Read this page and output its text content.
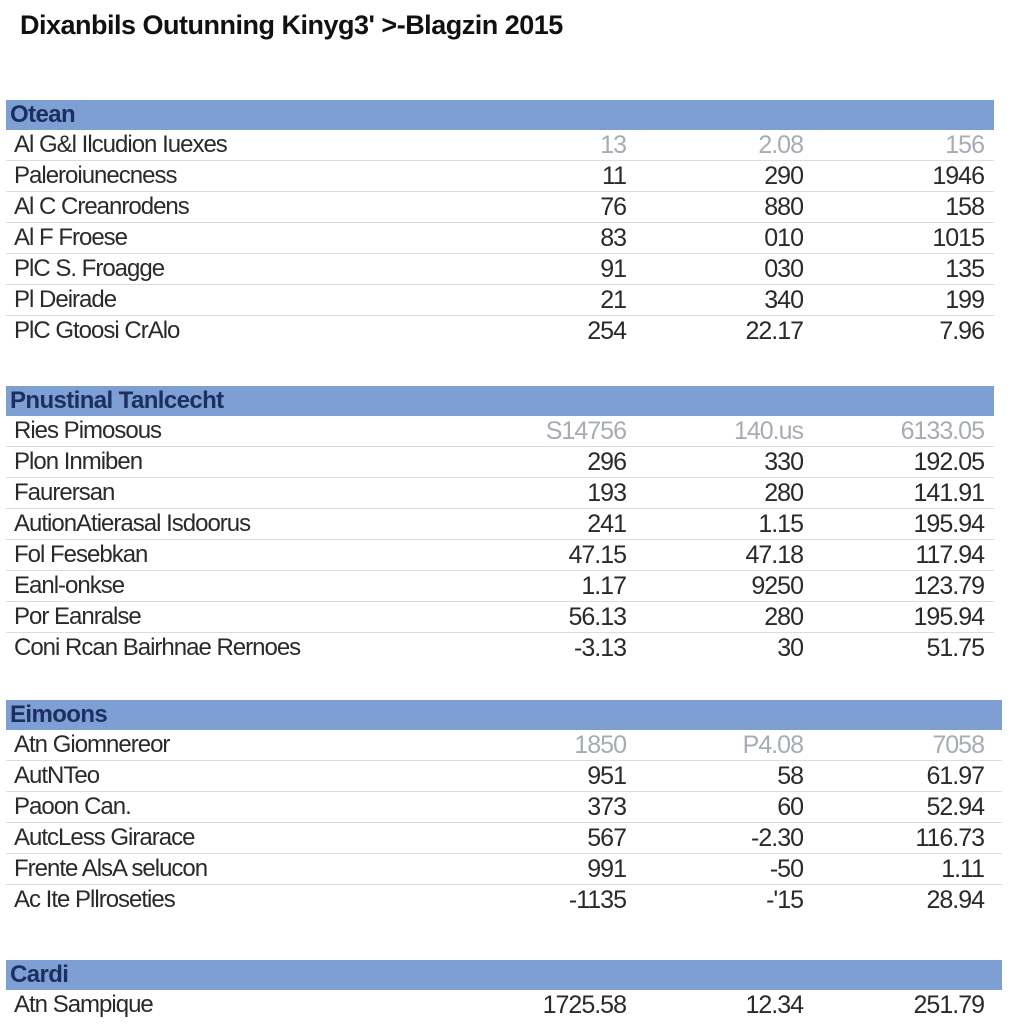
Dixanbils Outunning Kinyg3' >-Blagzin 2015
Otean
Al G&l Ilcudion Iuexes	13	2.08	156
Paleroiunecness	11	290	1946
Al C Creanrodens	76	880	158
Al F Froese	83	010	1015
PlC S. Froagge	91	030	135
Pl Deirade	21	340	199
PlC Gtoosi CrAlo	254	22.17	7.96
Pnustinal Tanlcecht
Ries Pimosous	S14756	140.us	6133.05
Plon Inmiben	296	330	192.05
Faurersan	193	280	141.91
AutionAtierasal Isdoorus	241	1.15	195.94
Fol Fesebkan	47.15	47.18	117.94
Eanl-onkse	1.17	9250	123.79
Por Eanralse	56.13	280	195.94
Coni Rcan Bairhnae Rernoes	-3.13	30	51.75
Eimoons
Atn Giomnereor	1850	P4.08	7058
AutNTeo	951	58	61.97
Paoon Can.	373	60	52.94
AutcLess Girarace	567	-2.30	116.73
Frente AlsA selucon	991	-50	1.11
Ac Ite Pllroseties	-1135	-'15	28.94
Cardi
Atn Sampique	1725.58	12.34	251.79
